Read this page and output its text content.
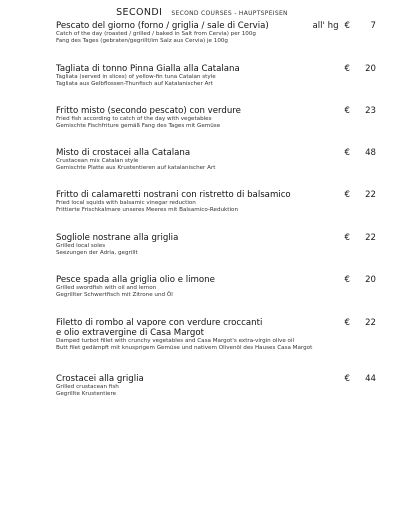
SECONDI SECOND COURSES - HAUPTSPEISEN
Pescato del giorno (forno / griglia / sale di Cervia)
Catch of the day (roasted / grilled / baked in Salt from Cervia) per 100g
Fang des Tages (gebraten/gegrillt/im Salz aus Cervia) je 100g
all' hg € 7
Tagliata di tonno Pinna Gialla alla Catalana
Tagliata (served in slices) of yellow-fin tuna Catalan style
Tagliata aus Gelbflossen-Thunfisch auf Katalanischer Art
€ 20
Fritto misto (secondo pescato) con verdure
Fried fish according to catch of the day with vegetables
Gemischte Fischfriture gemäß Fang des Tages mit Gemüse
€ 23
Misto di crostacei alla Catalana
Crustacean mix Catalan style
Gemischte Platte aus Krustentieren auf katalanischer Art
€ 48
Fritto di calamaretti nostrani con ristretto di balsamico
Fried local squids with balsamic vinegar reduction
Frittierte Frischkalmare unseres Meeres mit Balsamico-Reduktion
€ 22
Sogliole nostrane alla griglia
Grilled local soles
Seezungen der Adria, gegrillt
€ 22
Pesce spada alla griglia olio e limone
Grilled swordfish with oil and lemon
Gegrillter Schwertfisch mit Zitrone und Öl
€ 20
Filetto di rombo al vapore con verdure croccanti
e olio extravergine di Casa Margot
Damped turbot fillet with crunchy vegetables and Casa Margot's extra-virgin olive oil
Butt filet gedämpft mit knusprigem Gemüse und nativem Olivenöl des Hauses Casa Margot
€ 22
Crostacei alla griglia
Grilled crustacean fish
Gegrillte Krustentiere
€ 44
